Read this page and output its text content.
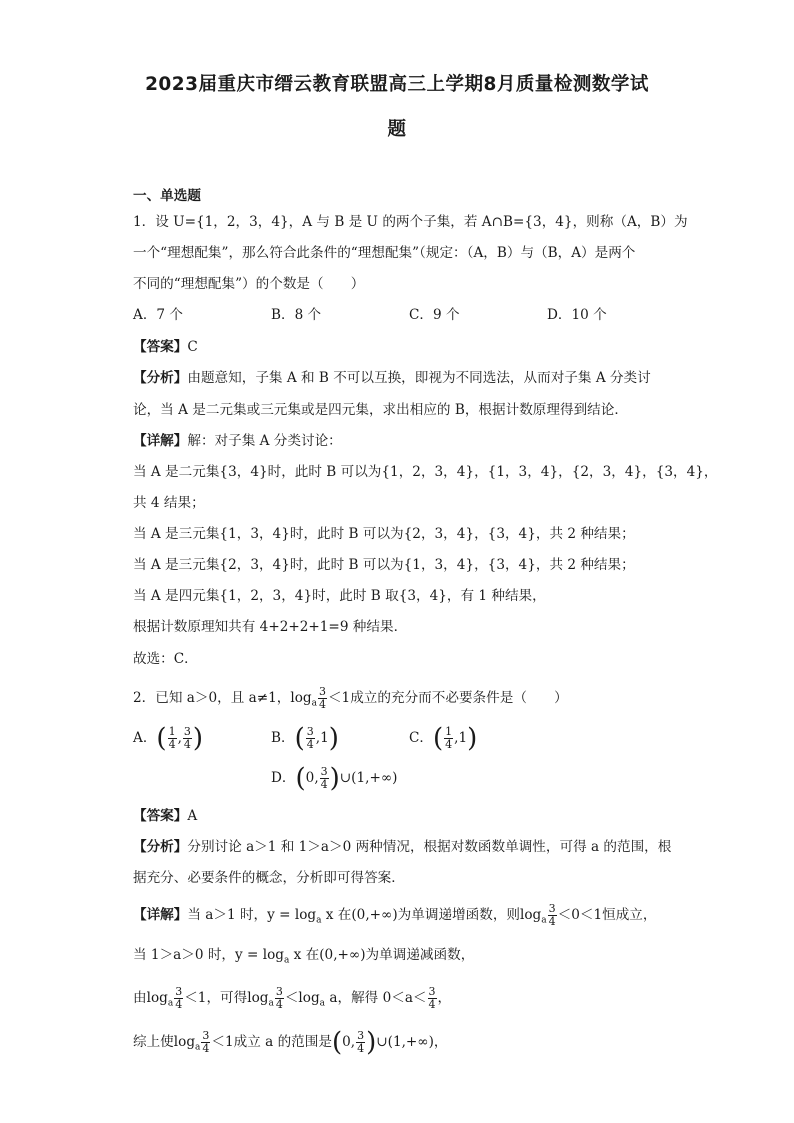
2023届重庆市缙云教育联盟高三上学期8月质量检测数学试
题
一、单选题
1．设 U={1，2，3，4}，A 与 B 是 U 的两个子集，若 A∩B={3，4}，则称（A，B）为
一个“理想配集”，那么符合此条件的“理想配集”（规定：（A，B）与（B，A）是两个
不同的“理想配集”）的个数是（　　）
A．7 个	B．8 个	C．9 个	D．10 个
【答案】C
【分析】由题意知，子集 A 和 B 不可以互换，即视为不同选法，从而对子集 A 分类讨
论，当 A 是二元集或三元集或是四元集，求出相应的 B，根据计数原理得到结论．
【详解】解：对子集 A 分类讨论：
当 A 是二元集{3，4}时，此时 B 可以为{1，2，3，4}，{1，3，4}，{2，3，4}，{3，4}，
共 4 结果；
当 A 是三元集{1，3，4}时，此时 B 可以为{2，3，4}，{3，4}，共 2 种结果；
当 A 是三元集{2，3，4}时，此时 B 可以为{1，3，4}，{3，4}，共 2 种结果；
当 A 是四元集{1，2，3，4}时，此时 B 取{3，4}，有 1 种结果，
根据计数原理知共有 4+2+2+1=9 种结果．
故选：C．
2．已知 a＞0，且 a≠1，$\log_a \frac{3}{4} <1$成立的充分而不必要条件是（　　）
A．( $\frac{1}{4}$ , $\frac{3}{4}$ )	B．( $\frac{3}{4} ,1$)	C．( $\frac{1}{4} ,1$)
D．(0, $\frac{3}{4}$ )∪(1,+∞)
【答案】A
【分析】分别讨论 a＞1 和 1＞a＞0 两种情况，根据对数函数单调性，可得 a 的范围，根
据充分、必要条件的概念，分析即可得答案．
【详解】当 a＞1 时，$y = \log_a x$ 在(0,+∞)为单调递增函数，则$\log_a \frac{3}{4} <0<1$恒成立，
当 1＞a＞0 时，$y = \log_a x$ 在(0,+∞)为单调递减函数，
由$\log_a \frac{3}{4} <1$，可得$\log_a \frac{3}{4} <\log_a$ a，解得 $0<a< \frac{3}{4}$ ，
综上使$\log_a \frac{3}{4} <1$成立 a 的范围是(0, $\frac{3}{4}$ )∪(1,+∞)，
